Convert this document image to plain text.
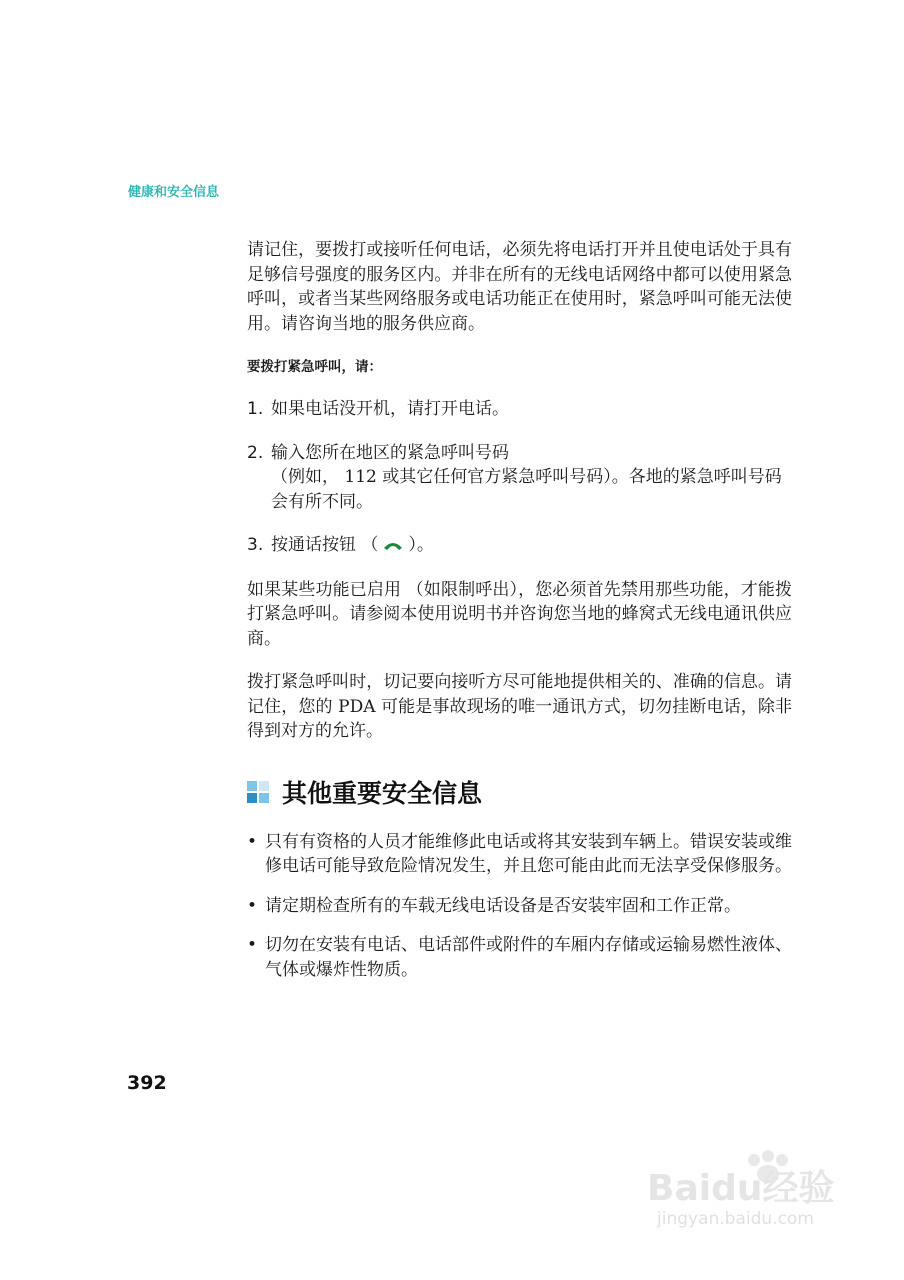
健康和安全信息

请记住，要拨打或接听任何电话，必须先将电话打开并且使电话处于具有足够信号强度的服务区内。并非在所有的无线电话网络中都可以使用紧急呼叫，或者当某些网络服务或电话功能正在使用时，紧急呼叫可能无法使用。请咨询当地的服务供应商。

要拨打紧急呼叫，请：
1. 如果电话没开机，请打开电话。
2. 输入您所在地区的紧急呼叫号码
（例如， 112 或其它任何官方紧急呼叫号码）。各地的紧急呼叫号码会有所不同。
3. 按通话按钮 （ ）。

如果某些功能已启用 （如限制呼出），您必须首先禁用那些功能，才能拨打紧急呼叫。请参阅本使用说明书并咨询您当地的蜂窝式无线电通讯供应商。

拨打紧急呼叫时，切记要向接听方尽可能地提供相关的、准确的信息。请记住，您的 PDA 可能是事故现场的唯一通讯方式，切勿挂断电话，除非得到对方的允许。

其他重要安全信息
• 只有有资格的人员才能维修此电话或将其安装到车辆上。错误安装或维修电话可能导致危险情况发生，并且您可能由此而无法享受保修服务。
• 请定期检查所有的车载无线电话设备是否安装牢固和工作正常。
• 切勿在安装有电话、电话部件或附件的车厢内存储或运输易燃性液体、气体或爆炸性物质。
392
Baidu经验
jingyan.baidu.com
